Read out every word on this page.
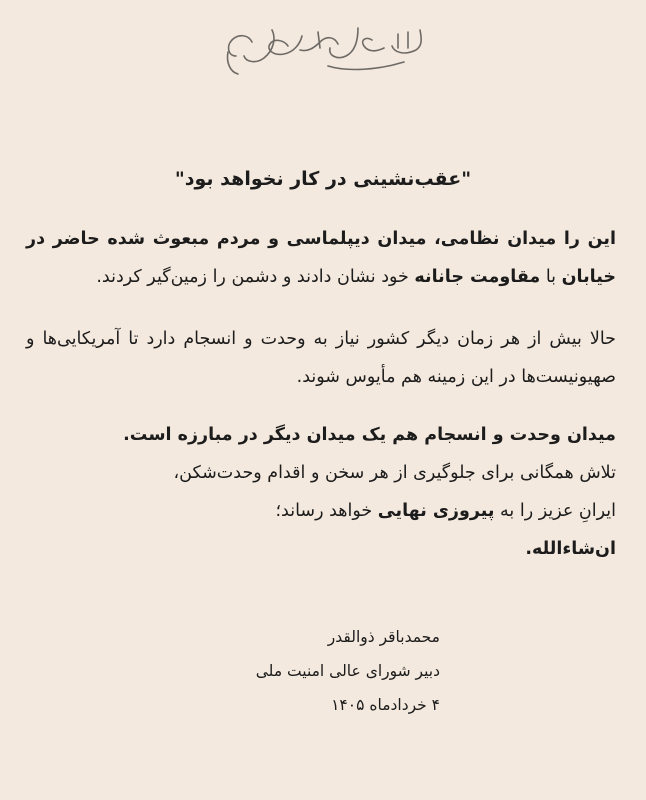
"عقب‌نشینی در کار نخواهد بود"
این را میدان نظامی، میدان دیپلماسی و مردم مبعوث شده حاضر در خیابان با مقاومت جانانه خود نشان دادند و دشمن را زمین‌گیر کردند.
حالا بیش از هر زمان دیگر کشور نیاز به وحدت و انسجام دارد تا آمریکایی‌ها و صهیونیست‌ها در این زمینه هم مأیوس شوند.
میدان وحدت و انسجام هم یک میدان دیگر در مبارزه است.
تلاش همگانی برای جلوگیری از هر سخن و اقدام وحدت‌شکن،
ایرانِ عزیز را به پیروزی نهایی خواهد رساند؛
ان‌شاءالله.
محمدباقر ذوالقدر
دبیر شورای عالی امنیت ملی
۴ خردادماه ۱۴۰۵
